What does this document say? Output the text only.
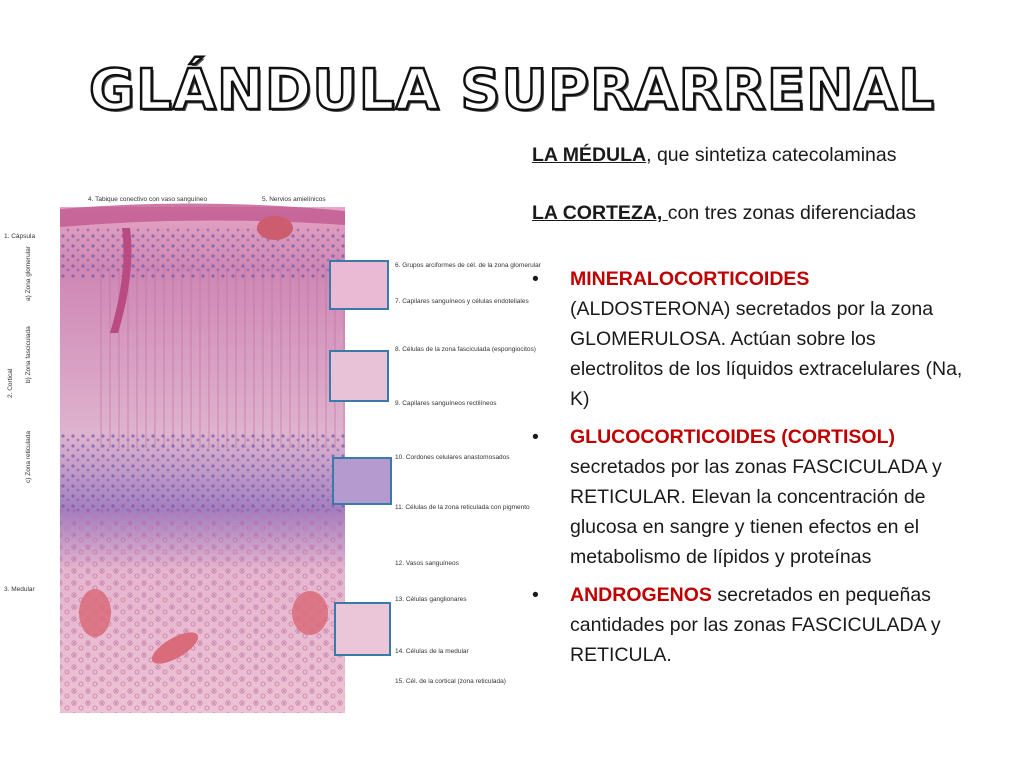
GLÁNDULA SUPRARRENAL
1. Cápsula
a) Zona glomerular
2. Cortical
b) Zona fasciculada
c) Zona reticulada
3. Medular
4. Tabique conectivo con vaso sanguíneo	5. Nervios amielínicos
6. Grupos arciformes de cél. de la zona glomerular
7. Capilares sanguíneos y células endoteliales
8. Células de la zona fasciculada (espongiocitos)
9. Capilares sanguíneos rectilíneos
10. Cordones celulares anastomosados
11. Células de la zona reticulada con pigmento
12. Vasos sanguíneos
13. Células ganglionares
14. Células de la medular
15. Cél. de la cortical (zona reticulada)

LA MÉDULA, que sintetiza catecolaminas

LA CORTEZA, con tres zonas diferenciadas

• MINERALOCORTICOIDES (ALDOSTERONA) secretados por la zona GLOMERULOSA. Actúan sobre los electrolitos de los líquidos extracelulares (Na, K)
• GLUCOCORTICOIDES (CORTISOL) secretados por las zonas FASCICULADA y RETICULAR. Elevan la concentración de glucosa en sangre y tienen efectos en el metabolismo de lípidos y proteínas
• ANDROGENOS secretados en pequeñas cantidades por las zonas FASCICULADA y RETICULA.
